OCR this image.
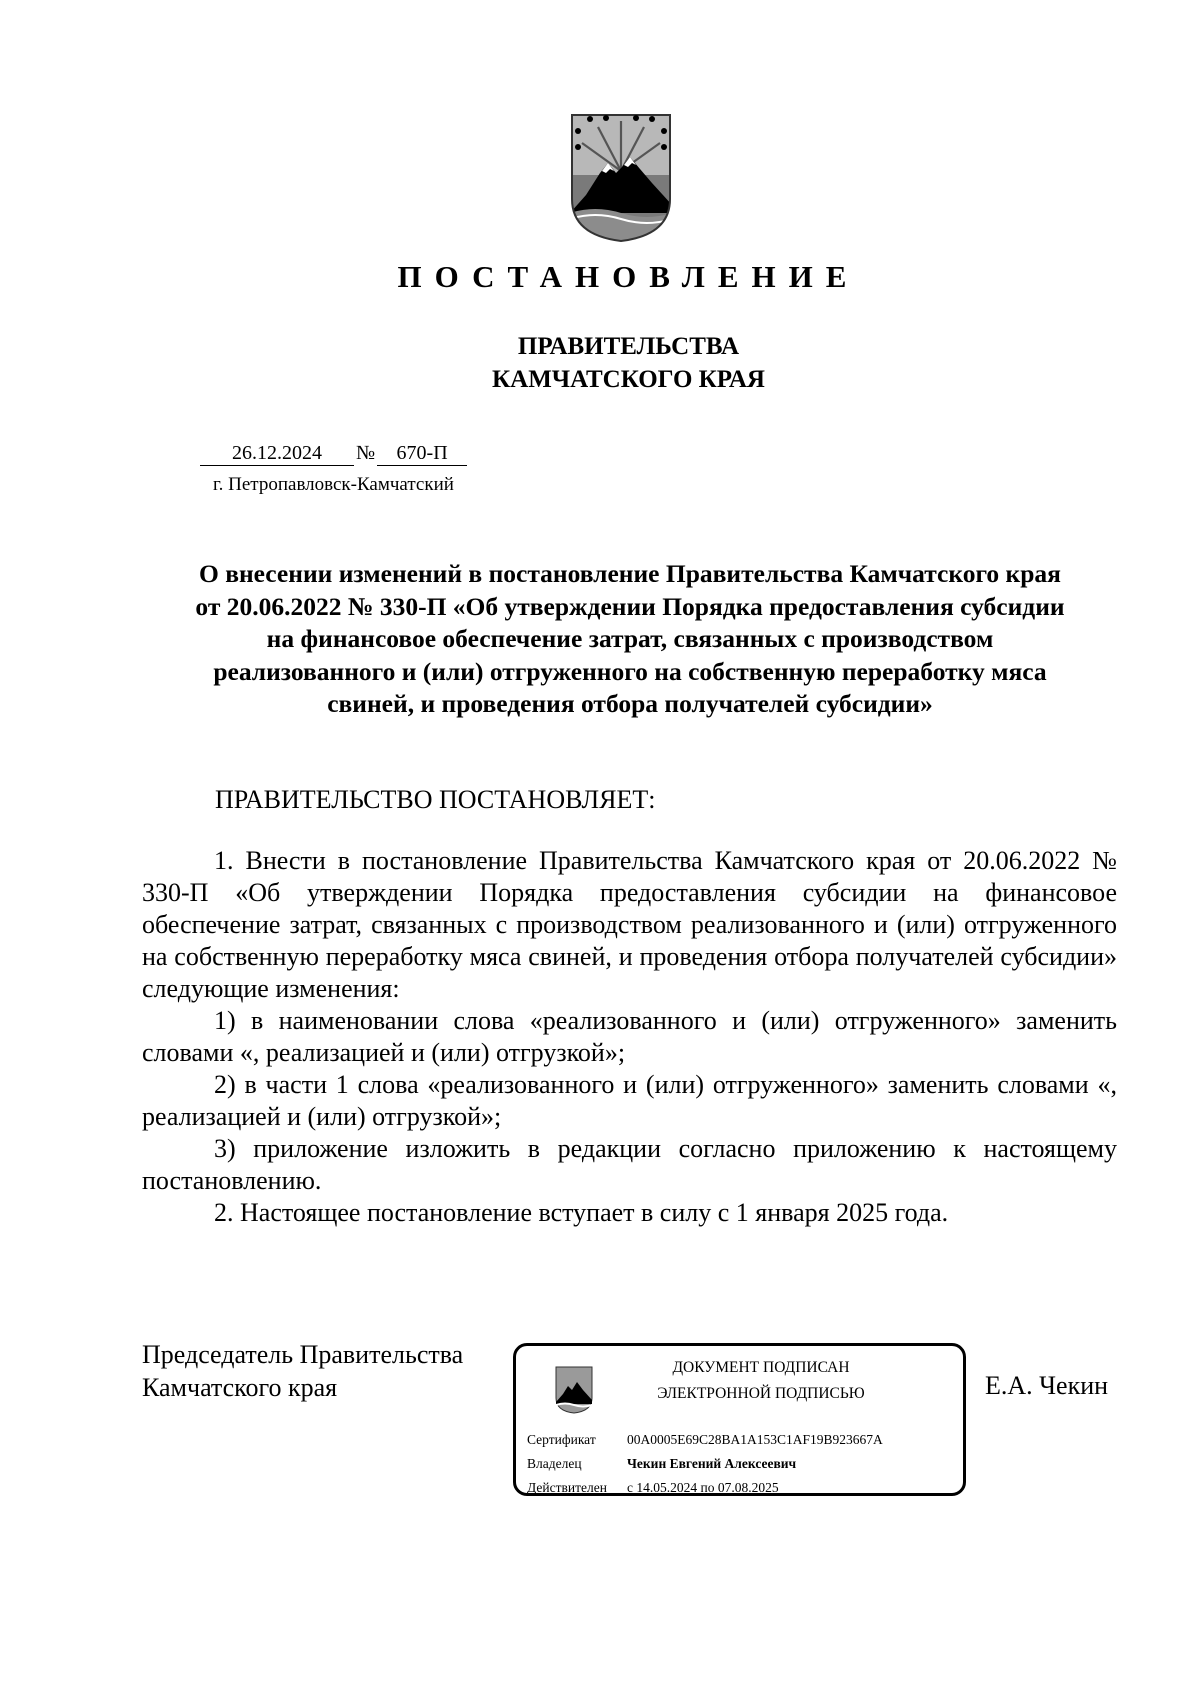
ПОСТАНОВЛЕНИЕ
ПРАВИТЕЛЬСТВА
КАМЧАТСКОГО КРАЯ
26.12.2024 № 670-П
г. Петропавловск-Камчатский
О внесении изменений в постановление Правительства Камчатского края
от 20.06.2022 № 330-П «Об утверждении Порядка предоставления субсидии
на финансовое обеспечение затрат, связанных с производством
реализованного и (или) отгруженного на собственную переработку мяса
свиней, и проведения отбора получателей субсидии»
ПРАВИТЕЛЬСТВО ПОСТАНОВЛЯЕТ:

1. Внести в постановление Правительства Камчатского края от 20.06.2022 № 330-П «Об утверждении Порядка предоставления субсидии на финансовое обеспечение затрат, связанных с производством реализованного и (или) отгруженного на собственную переработку мяса свиней, и проведения отбора получателей субсидии» следующие изменения:

1) в наименовании слова «реализованного и (или) отгруженного» заменить словами «, реализацией и (или) отгрузкой»;

2) в части 1 слова «реализованного и (или) отгруженного» заменить словами «, реализацией и (или) отгрузкой»;

3) приложение изложить в редакции согласно приложению к настоящему постановлению.

2. Настоящее постановление вступает в силу с 1 января 2025 года.

Председатель Правительства
Камчатского края
ДОКУМЕНТ ПОДПИСАН
ЭЛЕКТРОННОЙ ПОДПИСЬЮ
Сертификат 00A0005E69C28BA1A153C1AF19B923667A
Владелец	Чекин Евгений Алексеевич
Действителен с 14.05.2024 по 07.08.2025
Е.А. Чекин
